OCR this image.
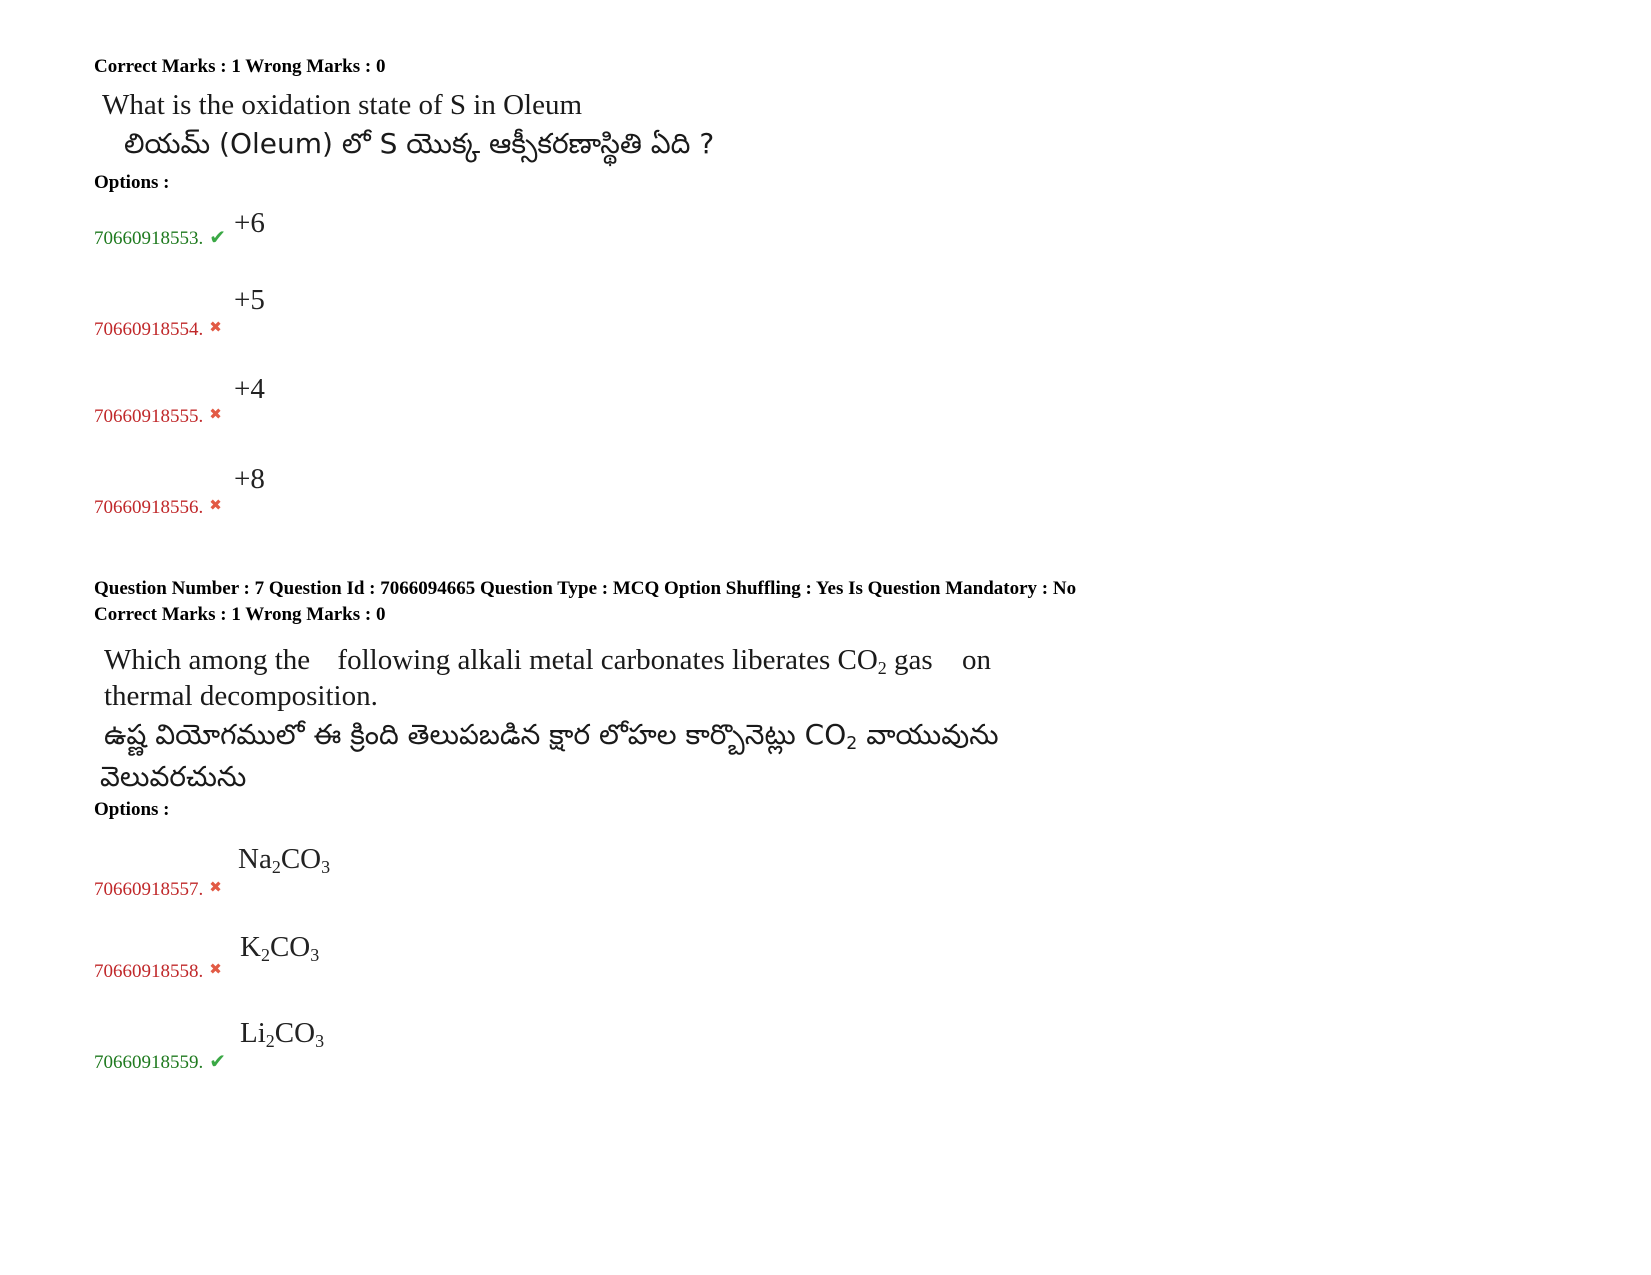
Correct Marks : 1 Wrong Marks : 0
What is the oxidation state of S in Oleum
లియమ్ (Oleum) లో S యొక్క ఆక్సీకరణాస్థితి ఏది ?
Options :
70660918553. ✔ +6
70660918554. ✖
+5
70660918555. ✖
+4
70660918556. ✖
+8
Question Number : 7 Question Id : 7066094665 Question Type : MCQ Option Shuffling : Yes Is Question Mandatory : No
Correct Marks : 1 Wrong Marks : 0
Which among the following alkali metal carbonates liberates $CO_2$ gas on
thermal decomposition.
ఉష్ణ వియోగములో ఈ క్రింది తెలుపబడిన క్షార లోహల కార్బొనెట్లు $CO_2$ వాయువును
వెలువరచును
Options :
70660918557. ✖
$Na_2CO_3$
70660918558. ✖
$K_2CO_3$
70660918559. ✔
$Li_2CO_3$
